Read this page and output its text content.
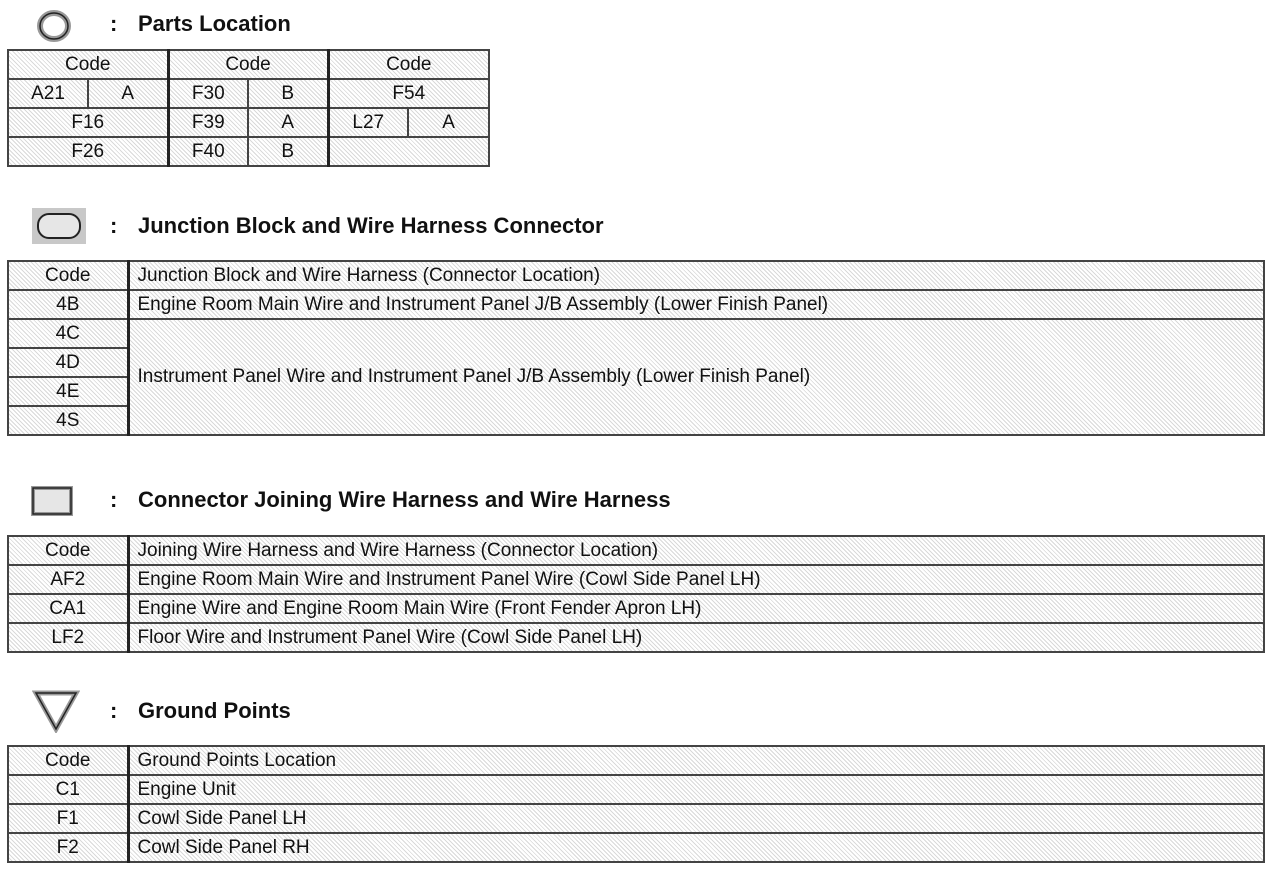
: Parts Location
Code		Code		Code	
A21	A	F30	B	F54	
F16		F39	A	L27	A
F26		F40	B		
: Junction Block and Wire Harness Connector
Code	Junction Block and Wire Harness (Connector Location)
4B	Engine Room Main Wire and Instrument Panel J/B Assembly (Lower Finish Panel)
4C	Instrument Panel Wire and Instrument Panel J/B Assembly (Lower Finish Panel)
4D	
4E	
4S	
: Connector Joining Wire Harness and Wire Harness
Code	Joining Wire Harness and Wire Harness (Connector Location)
AF2	Engine Room Main Wire and Instrument Panel Wire (Cowl Side Panel LH)
CA1	Engine Wire and Engine Room Main Wire (Front Fender Apron LH)
LF2	Floor Wire and Instrument Panel Wire (Cowl Side Panel LH)
: Ground Points
Code	Ground Points Location
C1	Engine Unit
F1	Cowl Side Panel LH
F2	Cowl Side Panel RH
